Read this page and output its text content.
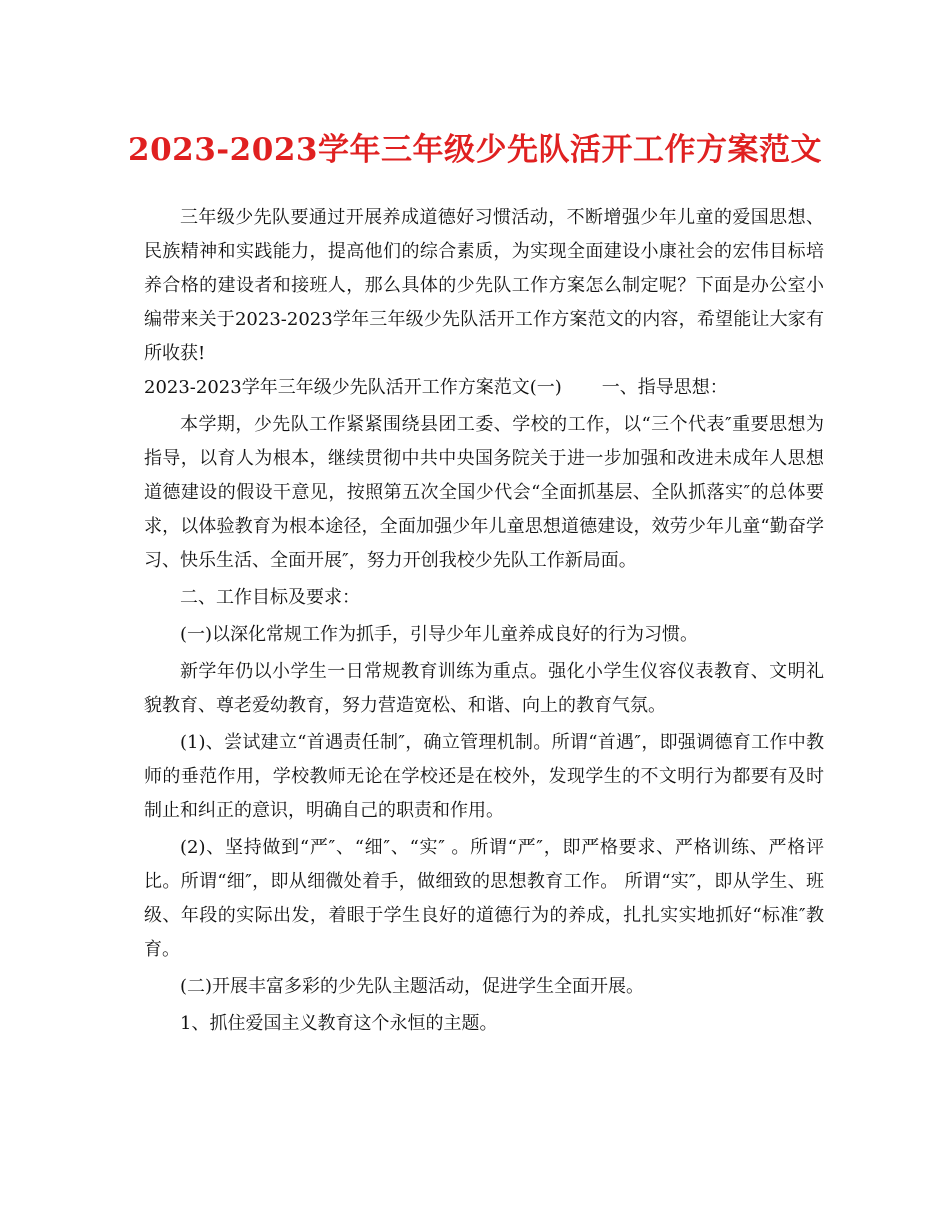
2023-2023学年三年级少先队活开工作方案范文

三年级少先队要通过开展养成道德好习惯活动，不断增强少年儿童的爱国思想、民族精神和实践能力，提高他们的综合素质，为实现全面建设小康社会的宏伟目标培养合格的建设者和接班人，那么具体的少先队工作方案怎么制定呢？下面是办公室小编带来关于2023-2023学年三年级少先队活开工作方案范文的内容，希望能让大家有所收获!

2023-2023学年三年级少先队活开工作方案范文(一) 一、指导思想：

本学期，少先队工作紧紧围绕县团工委、学校的工作，以“三个代表″重要思想为指导，以育人为根本，继续贯彻中共中央国务院关于进一步加强和改进未成年人思想道德建设的假设干意见，按照第五次全国少代会“全面抓基层、全队抓落实″的总体要求，以体验教育为根本途径，全面加强少年儿童思想道德建设，效劳少年儿童“勤奋学习、快乐生活、全面开展″，努力开创我校少先队工作新局面。

二、工作目标及要求：

(一)以深化常规工作为抓手，引导少年儿童养成良好的行为习惯。

新学年仍以小学生一日常规教育训练为重点。强化小学生仪容仪表教育、文明礼貌教育、尊老爱幼教育，努力营造宽松、和谐、向上的教育气氛。

(1)、尝试建立“首遇责任制″，确立管理机制。所谓“首遇″，即强调德育工作中教师的垂范作用，学校教师无论在学校还是在校外，发现学生的不文明行为都要有及时制止和纠正的意识，明确自己的职责和作用。

(2)、坚持做到“严″、“细″、“实″ 。所谓“严″，即严格要求、严格训练、严格评比。所谓“细″，即从细微处着手，做细致的思想教育工作。 所谓“实″，即从学生、班级、年段的实际出发，着眼于学生良好的道德行为的养成，扎扎实实地抓好“标准″教育。

(二)开展丰富多彩的少先队主题活动，促进学生全面开展。

1、抓住爱国主义教育这个永恒的主题。
